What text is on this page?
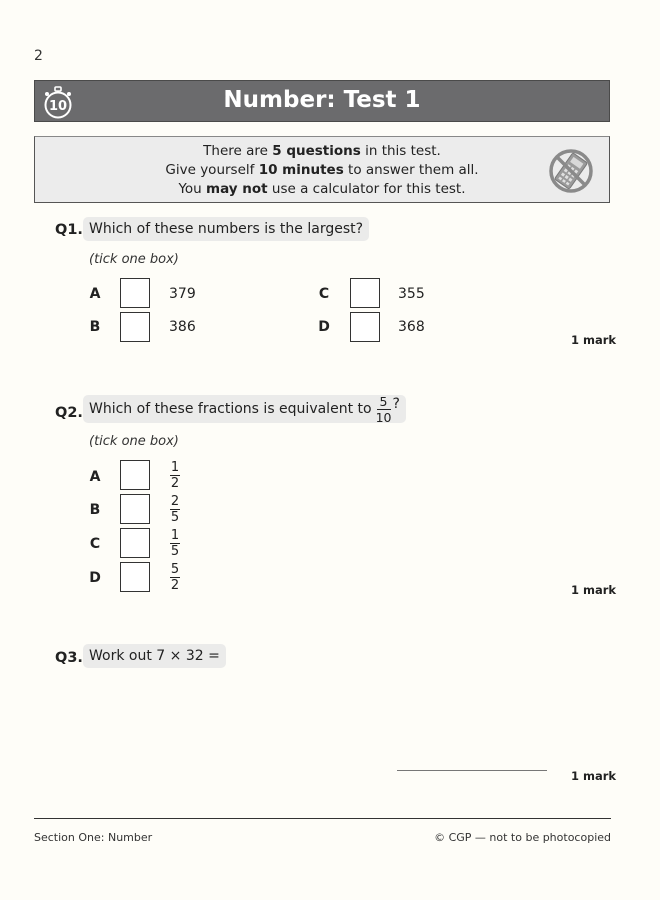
2
10	Number: Test 1
There are 5 questions in this test.
Give yourself 10 minutes to answer them all.
You may not use a calculator for this test.
Q1. Which of these numbers is the largest?
(tick one box)
A	379
B	386
C	355
D	368
1 mark
Q2. Which of these fractions is equivalent to $\frac{5}{10}$ ?
(tick one box)
A
1
2
B
2
5
C
1
5
D
5
2	1 mark
Q3. Work out 7 × 32 =
1 mark
Section One: Number	© CGP — not to be photocopied
